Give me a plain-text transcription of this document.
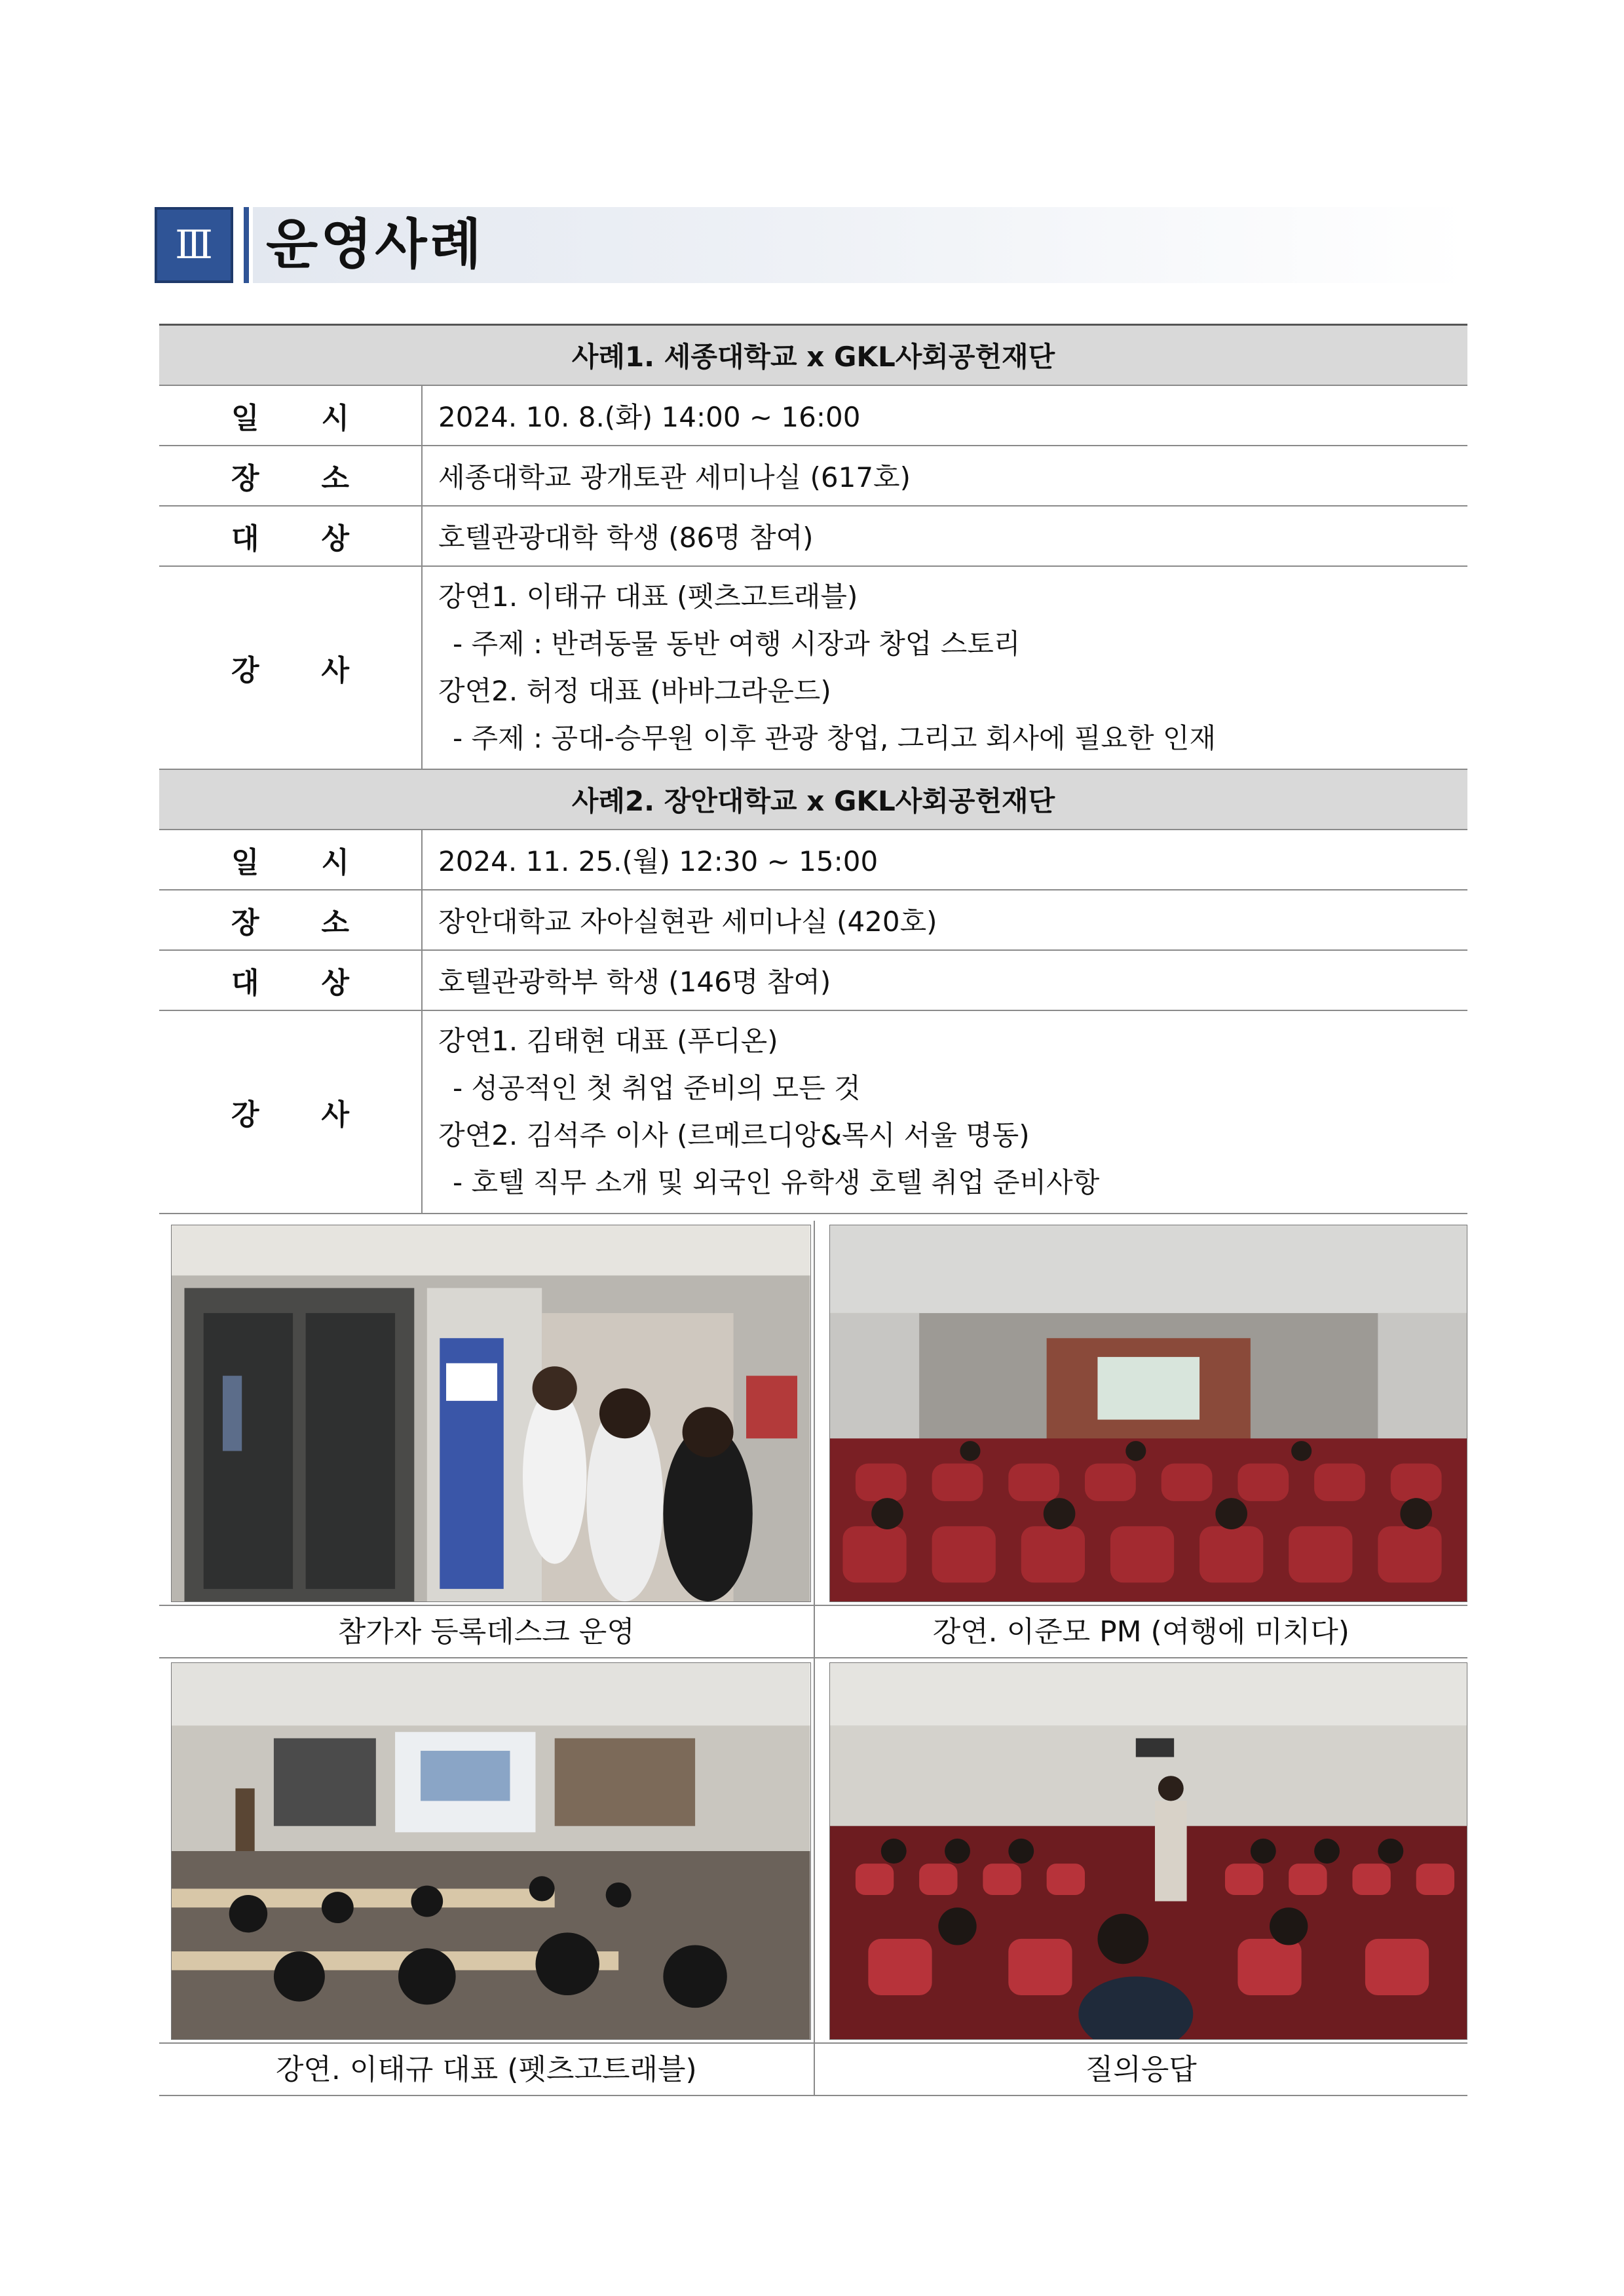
Ⅲ 운영사례
사례1. 세종대학교 x GKL사회공헌재단	
일 시	2024. 10. 8.(화) 14:00 ~ 16:00
장 소	세종대학교 광개토관 세미나실 (617호)
대 상	호텔관광대학 학생 (86명 참여)
강 사	강연1. 이태규 대표 (펫츠고트래블)
- 주제 : 반려동물 동반 여행 시장과 창업 스토리
강연2. 허정 대표 (바바그라운드)
- 주제 : 공대-승무원 이후 관광 창업, 그리고 회사에 필요한 인재

사례2. 장안대학교 x GKL사회공헌재단	
일 시	2024. 11. 25.(월) 12:30 ~ 15:00
장 소	장안대학교 자아실현관 세미나실 (420호)
대 상	호텔관광학부 학생 (146명 참여)
강 사	강연1. 김태현 대표 (푸디온)
- 성공적인 첫 취업 준비의 모든 것
강연2. 김석주 이사 (르메르디앙&목시 서울 명동)
- 호텔 직무 소개 및 외국인 유학생 호텔 취업 준비사항
참가자 등록데스크 운영	강연. 이준모 PM (여행에 미치다)
강연. 이태규 대표 (펫츠고트래블)	질의응답
